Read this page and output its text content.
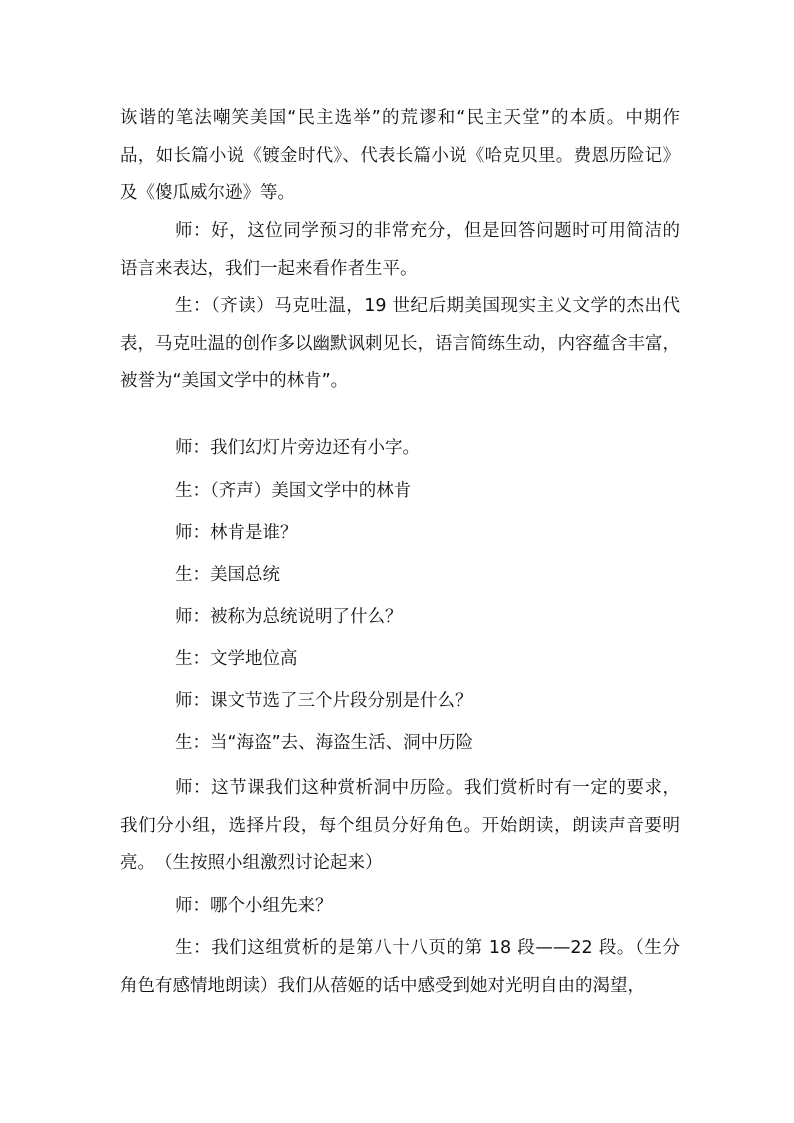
诙谐的笔法嘲笑美国“民主选举”的荒谬和“民主天堂”的本质。中期作品，如长篇小说《镀金时代》、代表长篇小说《哈克贝里。费恩历险记》及《傻瓜威尔逊》等。

师：好，这位同学预习的非常充分，但是回答问题时可用简洁的语言来表达，我们一起来看作者生平。

生：（齐读）马克吐温，19 世纪后期美国现实主义文学的杰出代表，马克吐温的创作多以幽默讽刺见长，语言简练生动，内容蕴含丰富，被誉为“美国文学中的林肯”。

师：我们幻灯片旁边还有小字。

生：（齐声）美国文学中的林肯

师：林肯是谁？

生：美国总统

师：被称为总统说明了什么？

生：文学地位高

师：课文节选了三个片段分别是什么？

生：当“海盗”去、海盗生活、洞中历险

师：这节课我们这种赏析洞中历险。我们赏析时有一定的要求，我们分小组，选择片段，每个组员分好角色。开始朗读，朗读声音要明亮。　（生按照小组激烈讨论起来）

师：哪个小组先来？

生：我们这组赏析的是第八十八页的第 18 段——22 段。（生分角色有感情地朗读）我们从蓓姬的话中感受到她对光明自由的渴望，
